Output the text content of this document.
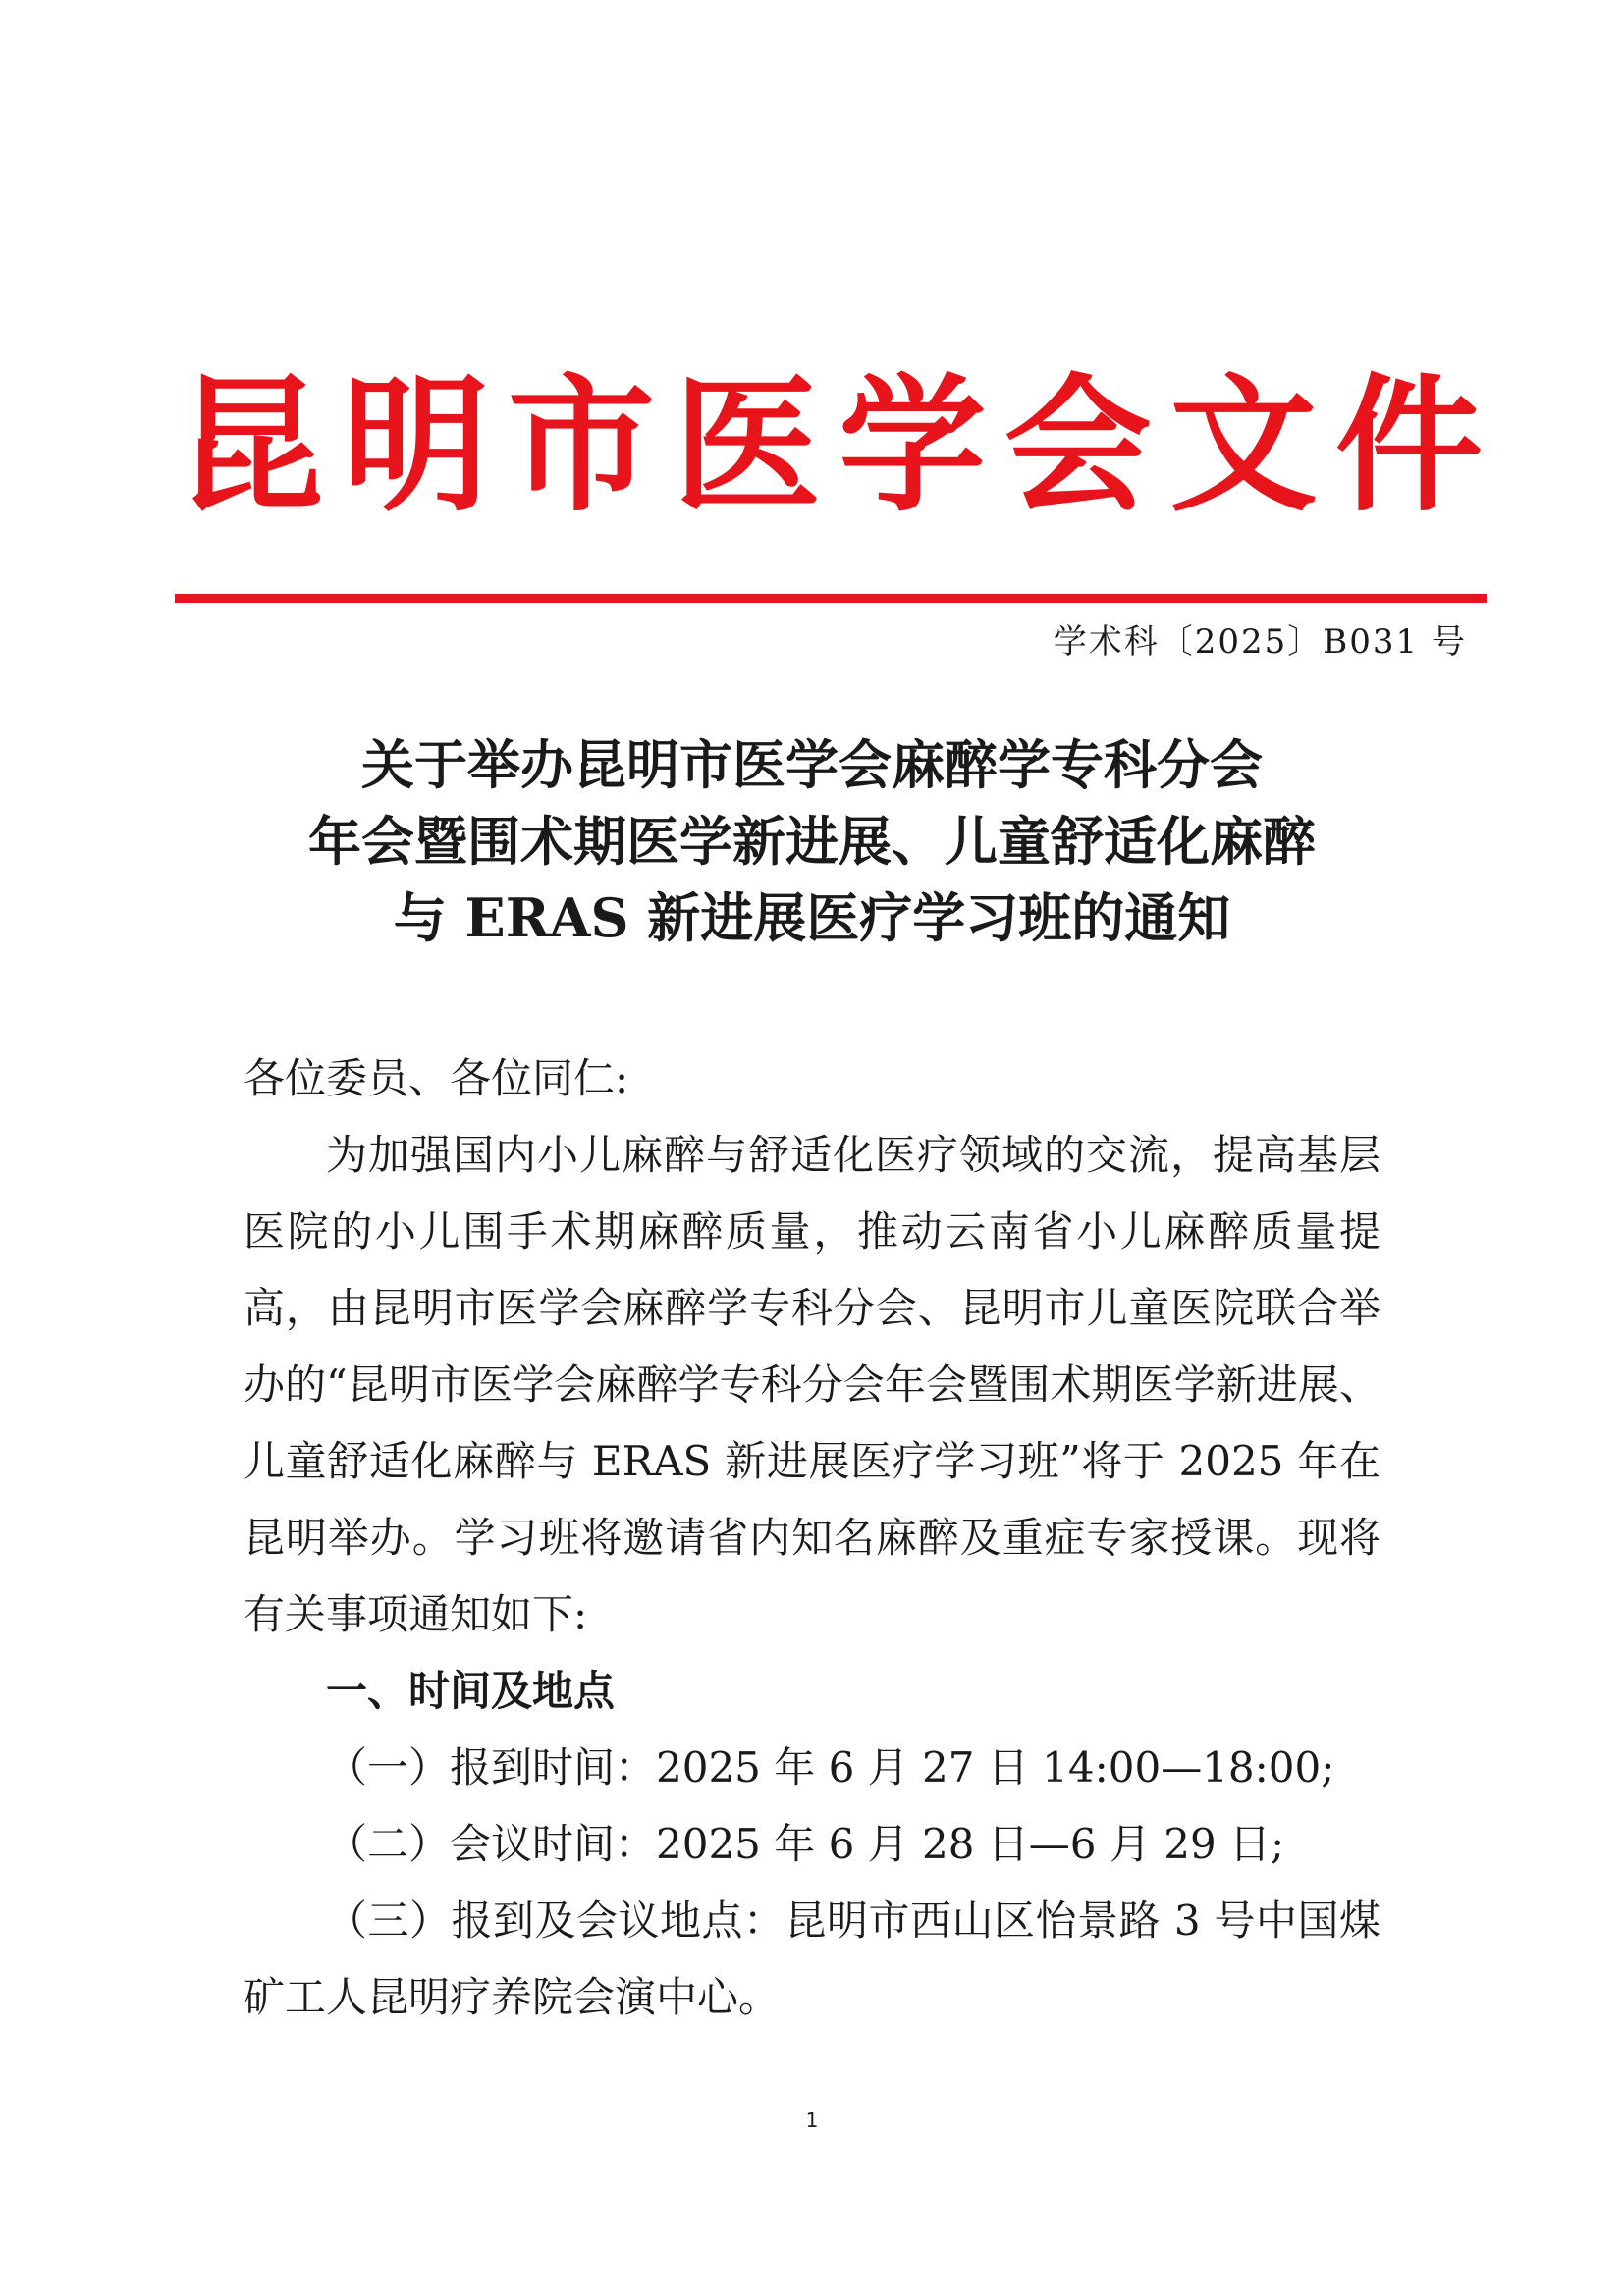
昆 明 市 医 学 会 文 件
学术科〔2025〕B031 号
关于举办昆明市医学会麻醉学专科分会
年会暨围术期医学新进展、儿童舒适化麻醉
与 ERAS 新进展医疗学习班的通知

各位委员、各位同仁:

为加强国内小儿麻醉与舒适化医疗领域的交流，提高基层医院的小儿围手术期麻醉质量，推动云南省小儿麻醉质量提高，由昆明市医学会麻醉学专科分会、昆明市儿童医院联合举办的“昆明市医学会麻醉学专科分会年会暨围术期医学新进展、儿童舒适化麻醉与 ERAS 新进展医疗学习班”将于 2025 年在昆明举办。学习班将邀请省内知名麻醉及重症专家授课。现将有关事项通知如下:

一、时间及地点

（一）报到时间：2025 年 6 月 27 日 14:00—18:00;

（二）会议时间：2025 年 6 月 28 日—6 月 29 日;

（三）报到及会议地点：昆明市西山区怡景路 3 号中国煤矿工人昆明疗养院会演中心。

1
